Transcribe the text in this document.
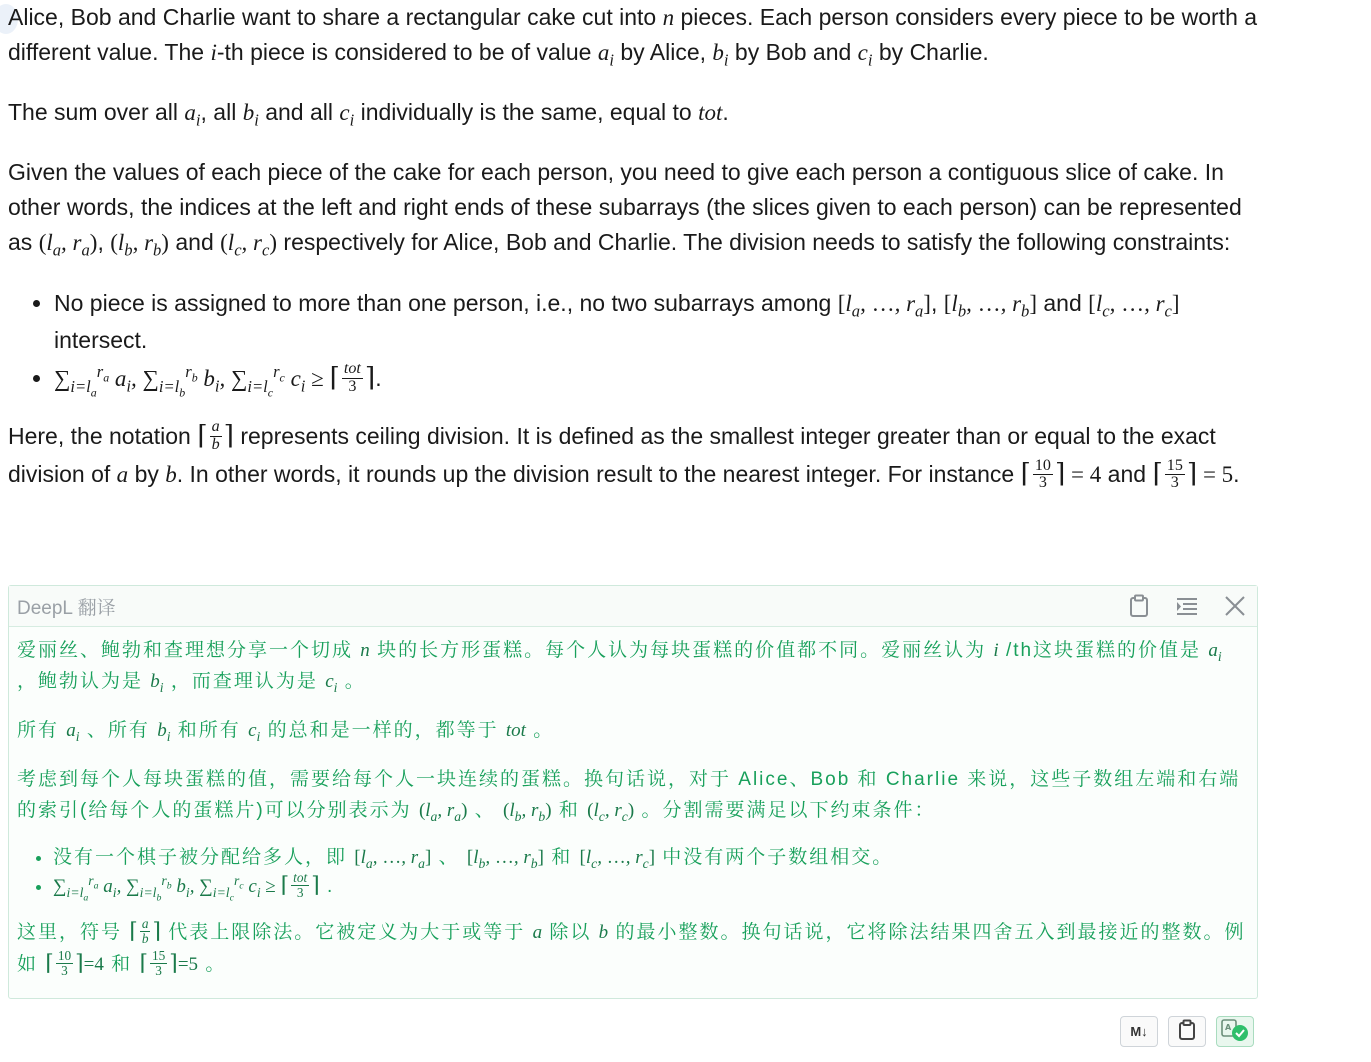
Alice, Bob and Charlie want to share a rectangular cake cut into n pieces. Each person considers every piece to be worth a different value. The i-th piece is considered to be of value $a_i$ by Alice, $b_i$ by Bob and $c_i$ by Charlie.

The sum over all $a_i$, all $b_i$ and all $c_i$ individually is the same, equal to tot.

Given the values of each piece of the cake for each person, you need to give each person a contiguous slice of cake. In other words, the indices at the left and right ends of these subarrays (the slices given to each person) can be represented as ($l_a$, $r_a$), ($l_b$, $r_b$) and ($l_c$, $r_c$) respectively for Alice, Bob and Charlie. The division needs to satisfy the following constraints:

• No piece is assigned to more than one person, i.e., no two subarrays among [$l_a$, …, $r_a$], [$l_b$, …, $r_b$] and [$l_c$, …, $r_c$] intersect.
• $\sum_{i=l_a}^{r_a}$ $a_i$, $\sum_{i=l_b}^{r_b}$ $b_i$, $\sum_{i=l_c}^{r_c}$ $c_i$ ≥ ⌈ $\frac{\text{tot}}{3}$ ⌉.

Here, the notation ⌈ $\frac{a}{b}$ ⌉ represents ceiling division. It is defined as the smallest integer greater than or equal to the exact division of a by b. In other words, it rounds up the division result to the nearest integer. For instance ⌈ $\frac{10}{3}$ ⌉ = 4 and ⌈ $\frac{15}{3}$ ⌉ = 5.

DeepL 翻译

爱丽丝、鲍勃和查理想分享一个切成 n 块的长方形蛋糕。每个人认为每块蛋糕的价值都不同。爱丽丝认为 i /th这块蛋糕的价值是 $a_i$ ，鲍勃认为是 $b_i$ ，而查理认为是 $c_i$ 。

所有 $a_i$ 、所有 $b_i$ 和所有 $c_i$ 的总和是一样的，都等于 tot 。

考虑到每个人每块蛋糕的值，需要给每个人一块连续的蛋糕。换句话说，对于 Alice、Bob 和 Charlie 来说，这些子数组左端和右端的索引(给每个人的蛋糕片)可以分别表示为 ($l_a$, $r_a$) 、 ($l_b$, $r_b$) 和 ($l_c$, $r_c$) 。分割需要满足以下约束条件：

• 没有一个棋子被分配给多人，即 [$l_a$, …, $r_a$] 、 [$l_b$, …, $r_b$] 和 [$l_c$, …, $r_c$] 中没有两个子数组相交。
• $\sum_{i=l_a}^{r_a}$ $a_i$, $\sum_{i=l_b}^{r_b}$ $b_i$, $\sum_{i=l_c}^{r_c}$ $c_i$ ≥ ⌈ $\frac{\text{tot}}{3}$ ⌉ .

这里，符号 ⌈ $\frac{a}{b}$ ⌉ 代表上限除法。它被定义为大于或等于 a 除以 b 的最小整数。换句话说，它将除法结果四舍五入到最接近的整数。例如 ⌈ $\frac{10}{3}$ ⌉=4 和 ⌈ $\frac{15}{3}$ ⌉=5 。

M↓	A
